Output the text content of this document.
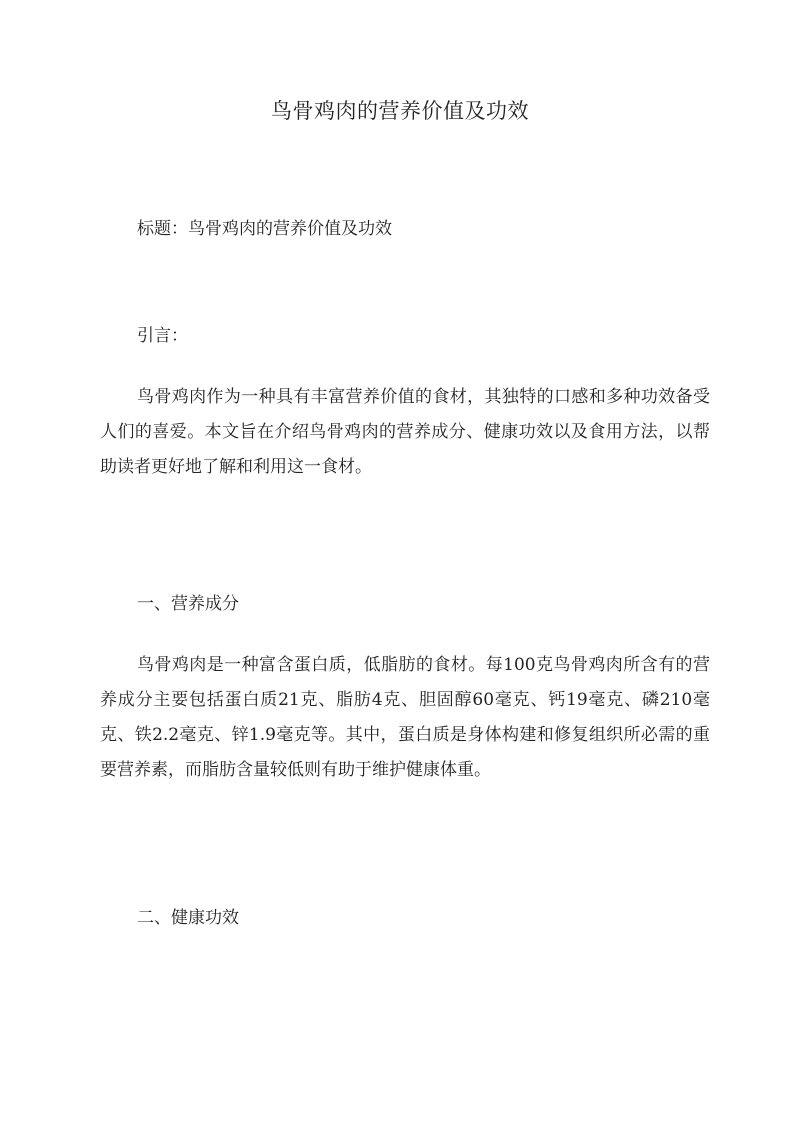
鸟骨鸡肉的营养价值及功效

标题：鸟骨鸡肉的营养价值及功效

引言：

鸟骨鸡肉作为一种具有丰富营养价值的食材，其独特的口感和多种功效备受人们的喜爱。本文旨在介绍鸟骨鸡肉的营养成分、健康功效以及食用方法，以帮助读者更好地了解和利用这一食材。

一、营养成分

鸟骨鸡肉是一种富含蛋白质，低脂肪的食材。每100克鸟骨鸡肉所含有的营养成分主要包括蛋白质21克、脂肪4克、胆固醇60毫克、钙19毫克、磷210毫克、铁2.2毫克、锌1.9毫克等。其中，蛋白质是身体构建和修复组织所必需的重要营养素，而脂肪含量较低则有助于维护健康体重。

二、健康功效
